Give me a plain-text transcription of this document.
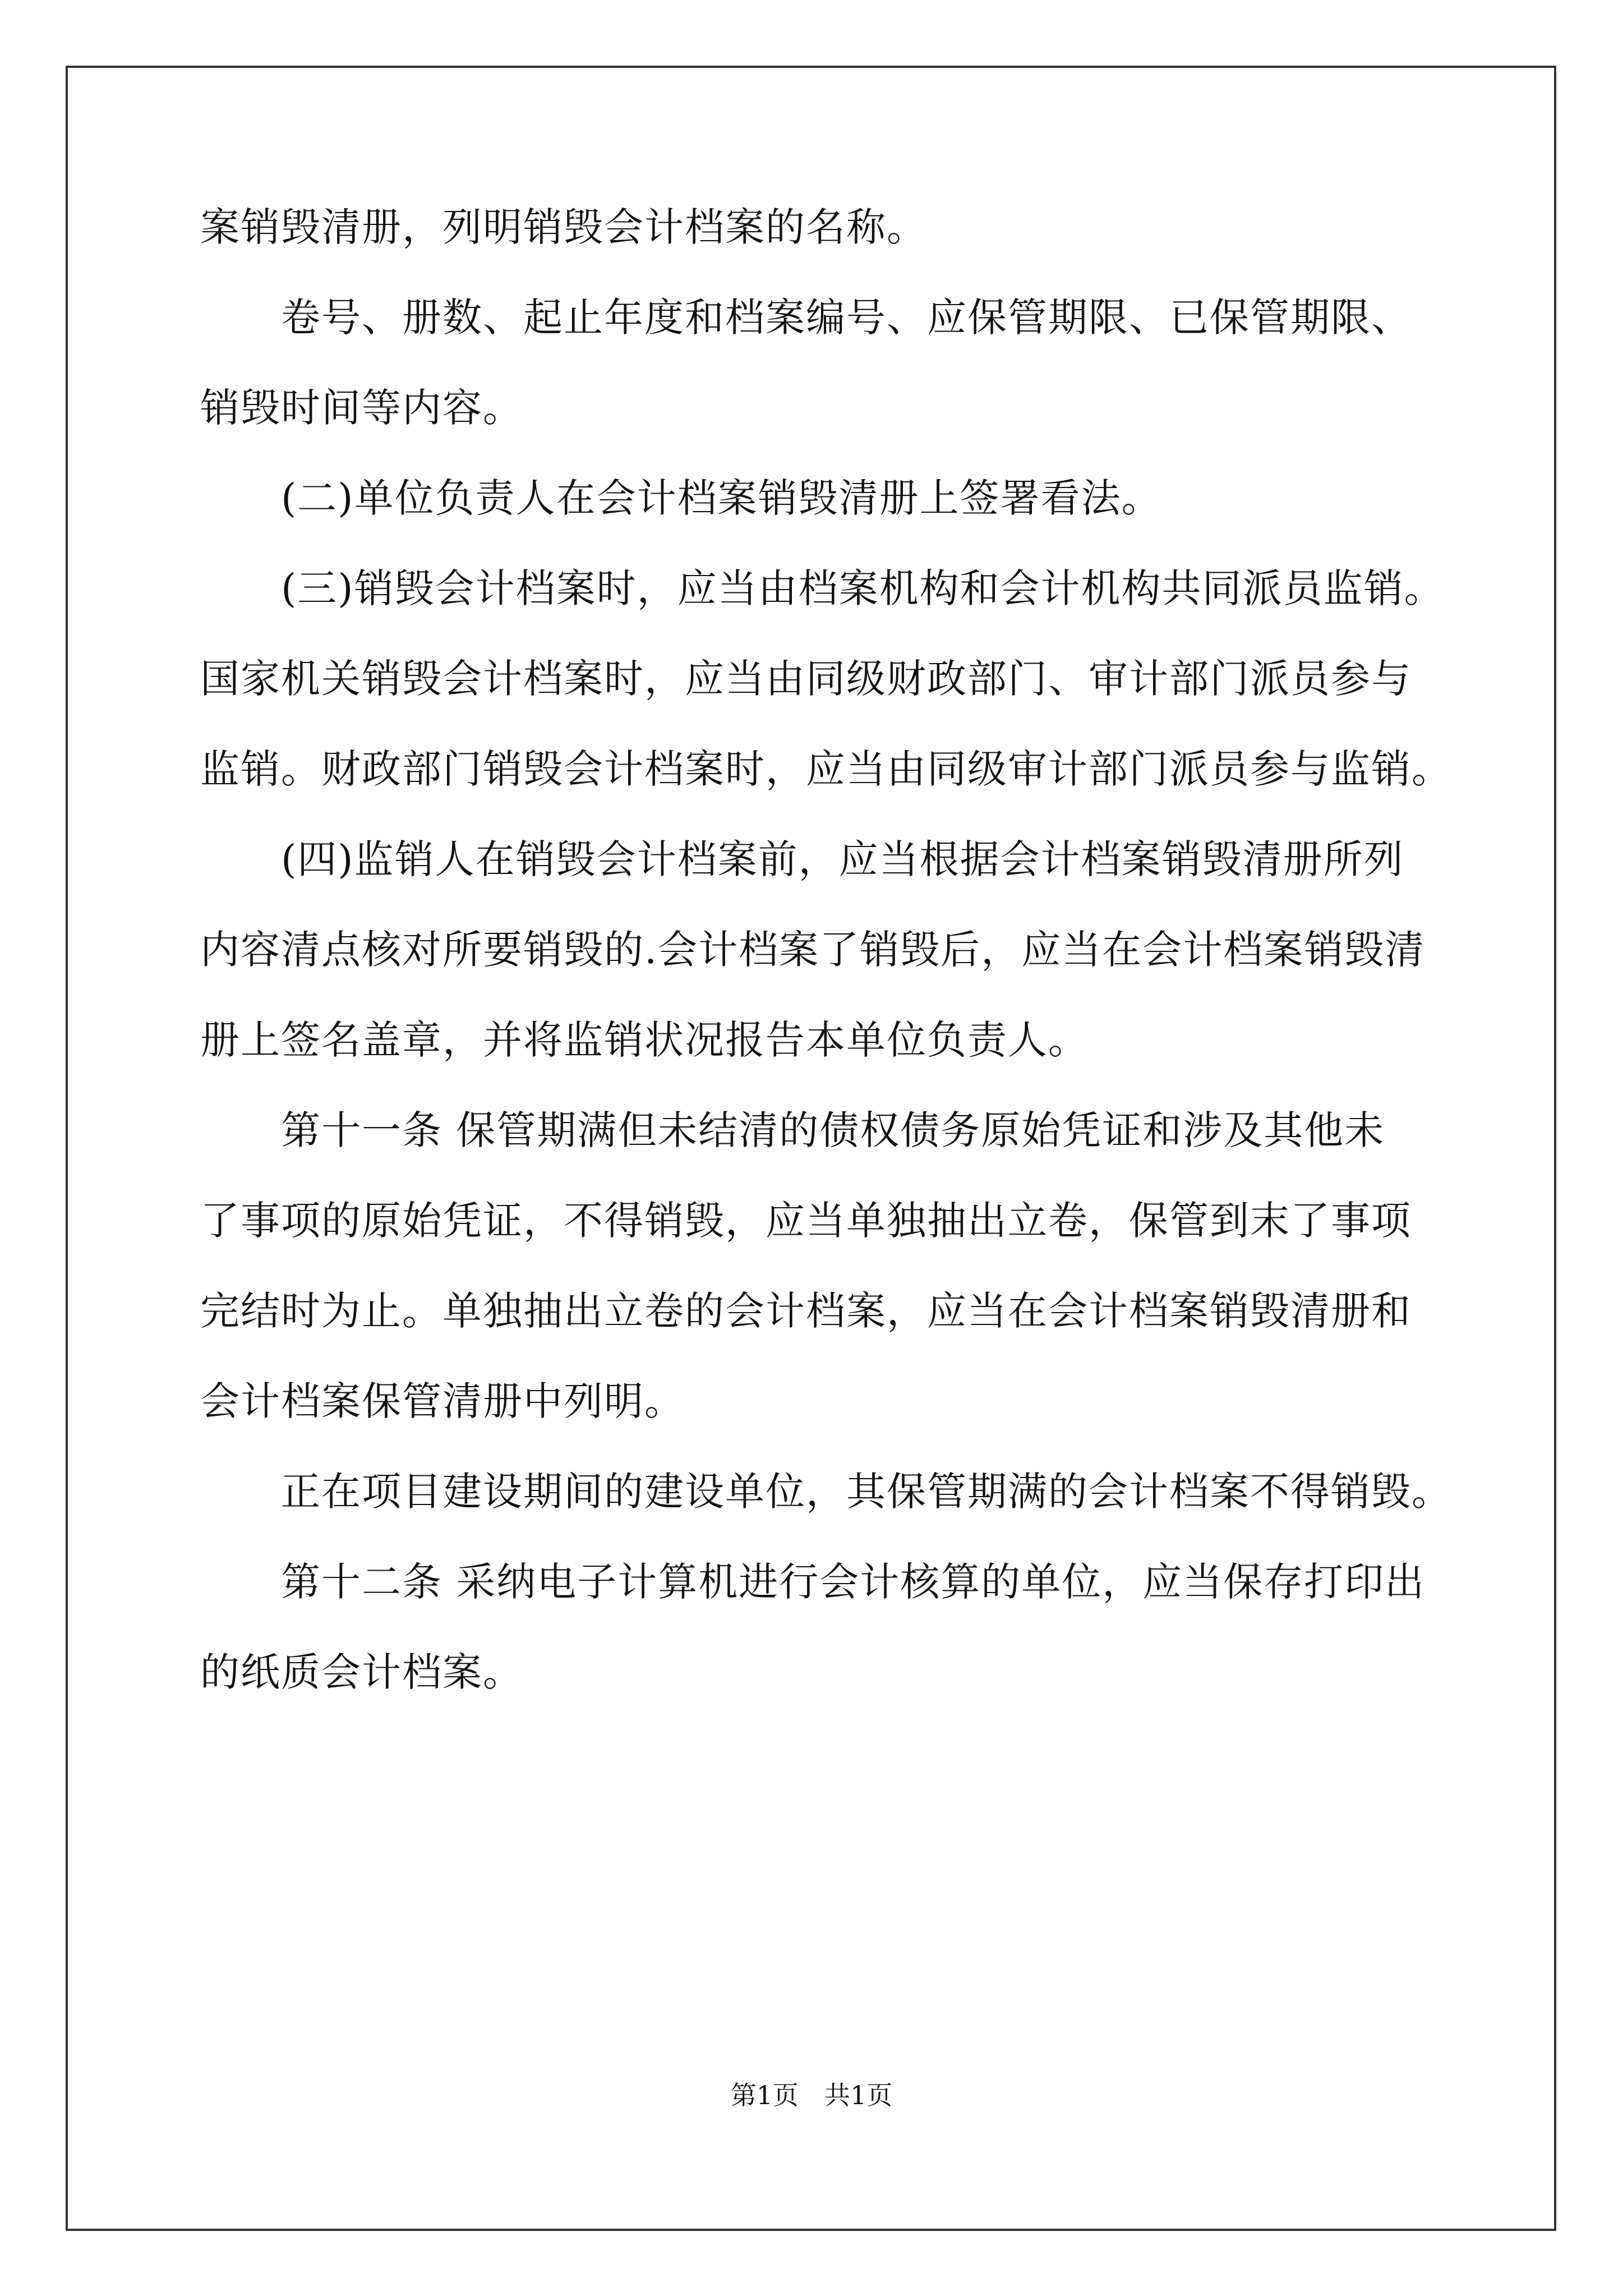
案销毁清册，列明销毁会计档案的名称。
卷号、册数、起止年度和档案编号、应保管期限、已保管期限、
销毁时间等内容。
(二)单位负责人在会计档案销毁清册上签署看法。
(三)销毁会计档案时，应当由档案机构和会计机构共同派员监销。
国家机关销毁会计档案时，应当由同级财政部门、审计部门派员参与
监销。财政部门销毁会计档案时，应当由同级审计部门派员参与监销。
(四)监销人在销毁会计档案前，应当根据会计档案销毁清册所列
内容清点核对所要销毁的.会计档案了销毁后，应当在会计档案销毁清
册上签名盖章，并将监销状况报告本单位负责人。
第十一条 保管期满但未结清的债权债务原始凭证和涉及其他未
了事项的原始凭证，不得销毁，应当单独抽出立卷，保管到末了事项
完结时为止。单独抽出立卷的会计档案，应当在会计档案销毁清册和
会计档案保管清册中列明。
正在项目建设期间的建设单位，其保管期满的会计档案不得销毁。
第十二条 采纳电子计算机进行会计核算的单位，应当保存打印出
的纸质会计档案。
第1页　共1页
